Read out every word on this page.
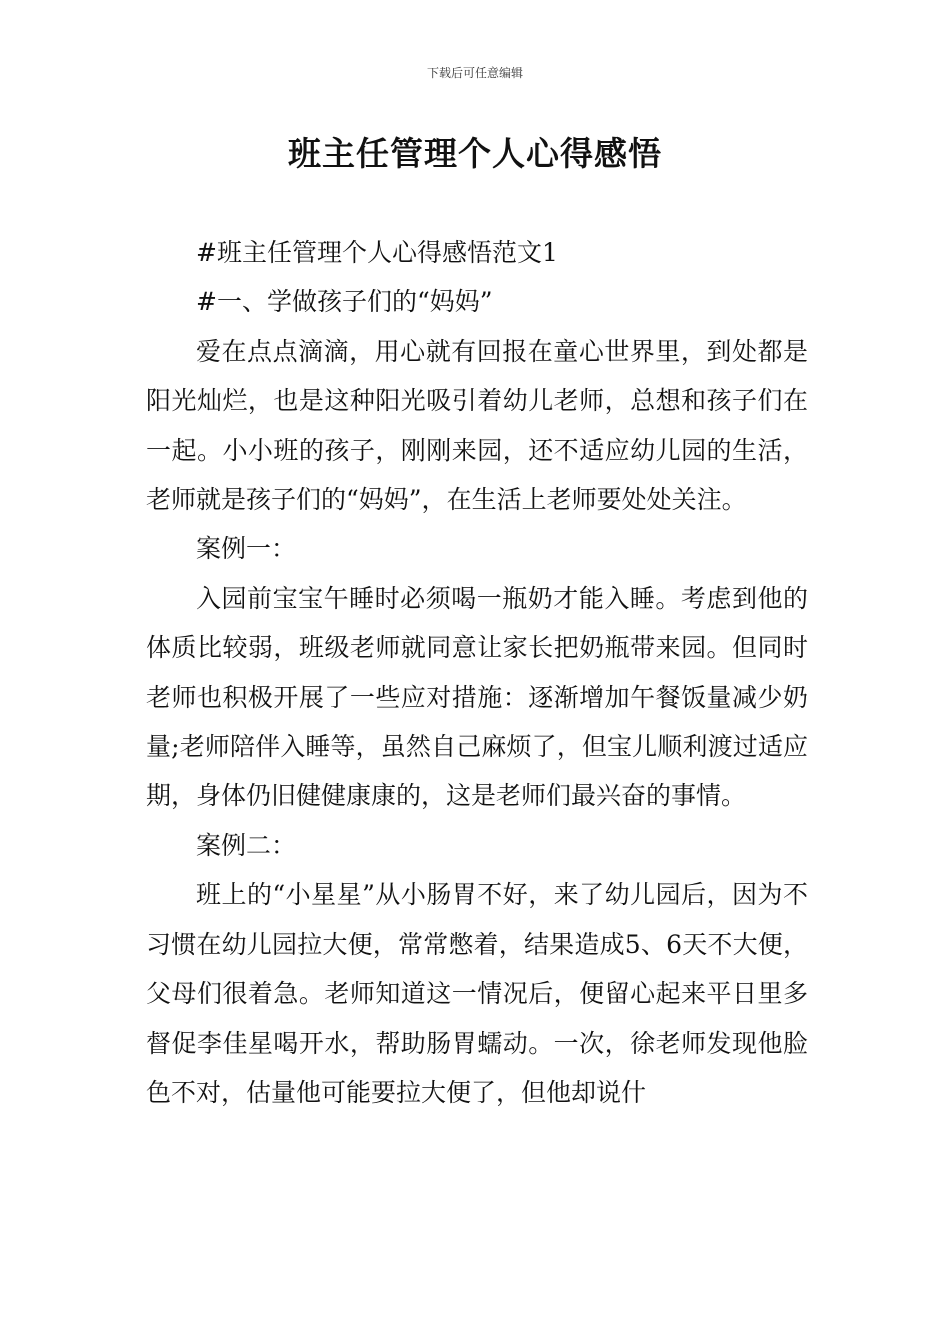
下载后可任意编辑
班主任管理个人心得感悟

#班主任管理个人心得感悟范文1

#一、学做孩子们的“妈妈”

爱在点点滴滴，用心就有回报在童心世界里，到处都是阳光灿烂，也是这种阳光吸引着幼儿老师，总想和孩子们在一起。小小班的孩子，刚刚来园，还不适应幼儿园的生活，老师就是孩子们的“妈妈”，在生活上老师要处处关注。

案例一：

入园前宝宝午睡时必须喝一瓶奶才能入睡。考虑到他的体质比较弱，班级老师就同意让家长把奶瓶带来园。但同时老师也积极开展了一些应对措施：逐渐增加午餐饭量减少奶量;老师陪伴入睡等，虽然自己麻烦了，但宝儿顺利渡过适应期，身体仍旧健健康康的，这是老师们最兴奋的事情。

案例二：

班上的“小星星”从小肠胃不好，来了幼儿园后，因为不习惯在幼儿园拉大便，常常憋着，结果造成5、6天不大便，父母们很着急。老师知道这一情况后，便留心起来平日里多督促李佳星喝开水，帮助肠胃蠕动。一次，徐老师发现他脸色不对，估量他可能要拉大便了，但他却说什
